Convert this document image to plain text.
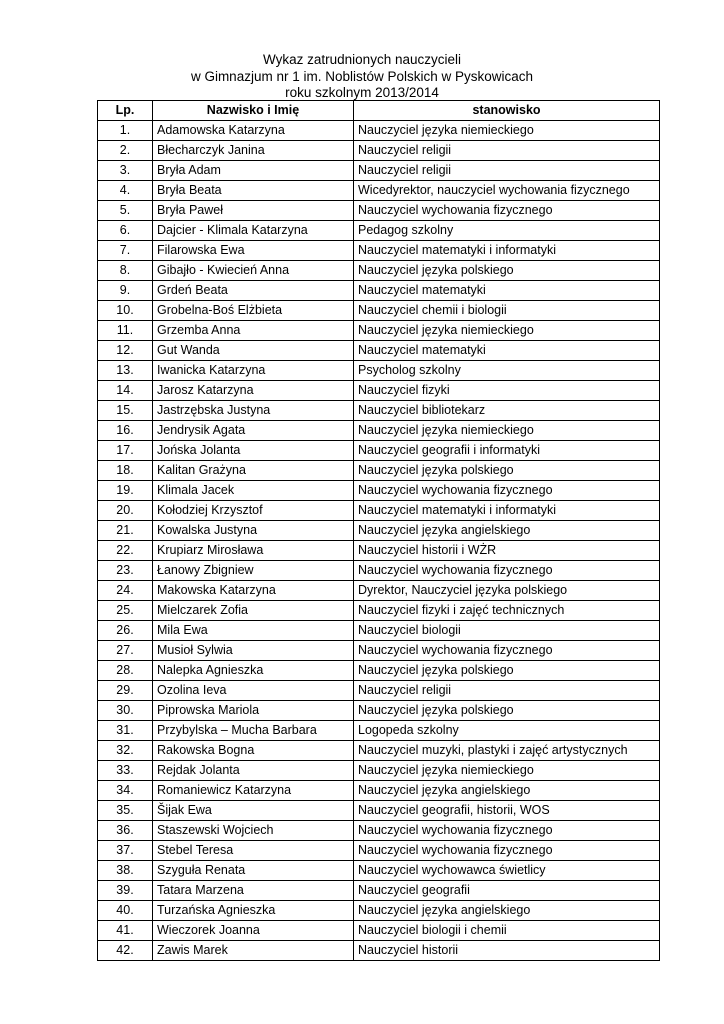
Wykaz zatrudnionych nauczycieli
w Gimnazjum nr 1 im. Noblistów Polskich w Pyskowicach
roku szkolnym 2013/2014
Lp.	Nazwisko i Imię	stanowisko
1.	Adamowska Katarzyna	Nauczyciel języka niemieckiego
2.	Błecharczyk Janina	Nauczyciel religii
3.	Bryła Adam	Nauczyciel religii
4.	Bryła Beata	Wicedyrektor, nauczyciel wychowania fizycznego
5.	Bryła Paweł	Nauczyciel wychowania fizycznego
6.	Dajcier - Klimala Katarzyna	Pedagog szkolny
7.	Filarowska Ewa	Nauczyciel matematyki i informatyki
8.	Gibajło - Kwiecień Anna	Nauczyciel języka polskiego
9.	Grdeń Beata	Nauczyciel matematyki
10.	Grobelna-Boś Elżbieta	Nauczyciel chemii i biologii
11.	Grzemba Anna	Nauczyciel języka niemieckiego
12.	Gut Wanda	Nauczyciel matematyki
13.	Iwanicka Katarzyna	Psycholog szkolny
14.	Jarosz Katarzyna	Nauczyciel fizyki
15.	Jastrzębska Justyna	Nauczyciel bibliotekarz
16.	Jendrysik Agata	Nauczyciel języka niemieckiego
17.	Jońska Jolanta	Nauczyciel geografii i informatyki
18.	Kalitan Grażyna	Nauczyciel języka polskiego
19.	Klimala Jacek	Nauczyciel wychowania fizycznego
20.	Kołodziej Krzysztof	Nauczyciel matematyki i informatyki
21.	Kowalska Justyna	Nauczyciel języka angielskiego
22.	Krupiarz Mirosława	Nauczyciel historii i WŻR
23.	Łanowy Zbigniew	Nauczyciel wychowania fizycznego
24.	Makowska Katarzyna	Dyrektor, Nauczyciel języka polskiego
25.	Mielczarek Zofia	Nauczyciel fizyki i zajęć technicznych
26.	Mila Ewa	Nauczyciel biologii
27.	Musioł Sylwia	Nauczyciel wychowania fizycznego
28.	Nalepka Agnieszka	Nauczyciel języka polskiego
29.	Ozolina Ieva	Nauczyciel religii
30.	Piprowska Mariola	Nauczyciel języka polskiego
31.	Przybylska – Mucha Barbara	Logopeda szkolny
32.	Rakowska Bogna	Nauczyciel muzyki, plastyki i zajęć artystycznych
33.	Rejdak Jolanta	Nauczyciel języka niemieckiego
34.	Romaniewicz Katarzyna	Nauczyciel języka angielskiego
35.	Šijak Ewa	Nauczyciel geografii, historii, WOS
36.	Staszewski Wojciech	Nauczyciel wychowania fizycznego
37.	Stebel Teresa	Nauczyciel wychowania fizycznego
38.	Szyguła Renata	Nauczyciel wychowawca świetlicy
39.	Tatara Marzena	Nauczyciel geografii
40.	Turzańska Agnieszka	Nauczyciel języka angielskiego
41.	Wieczorek Joanna	Nauczyciel biologii i chemii
42.	Zawis Marek	Nauczyciel historii
